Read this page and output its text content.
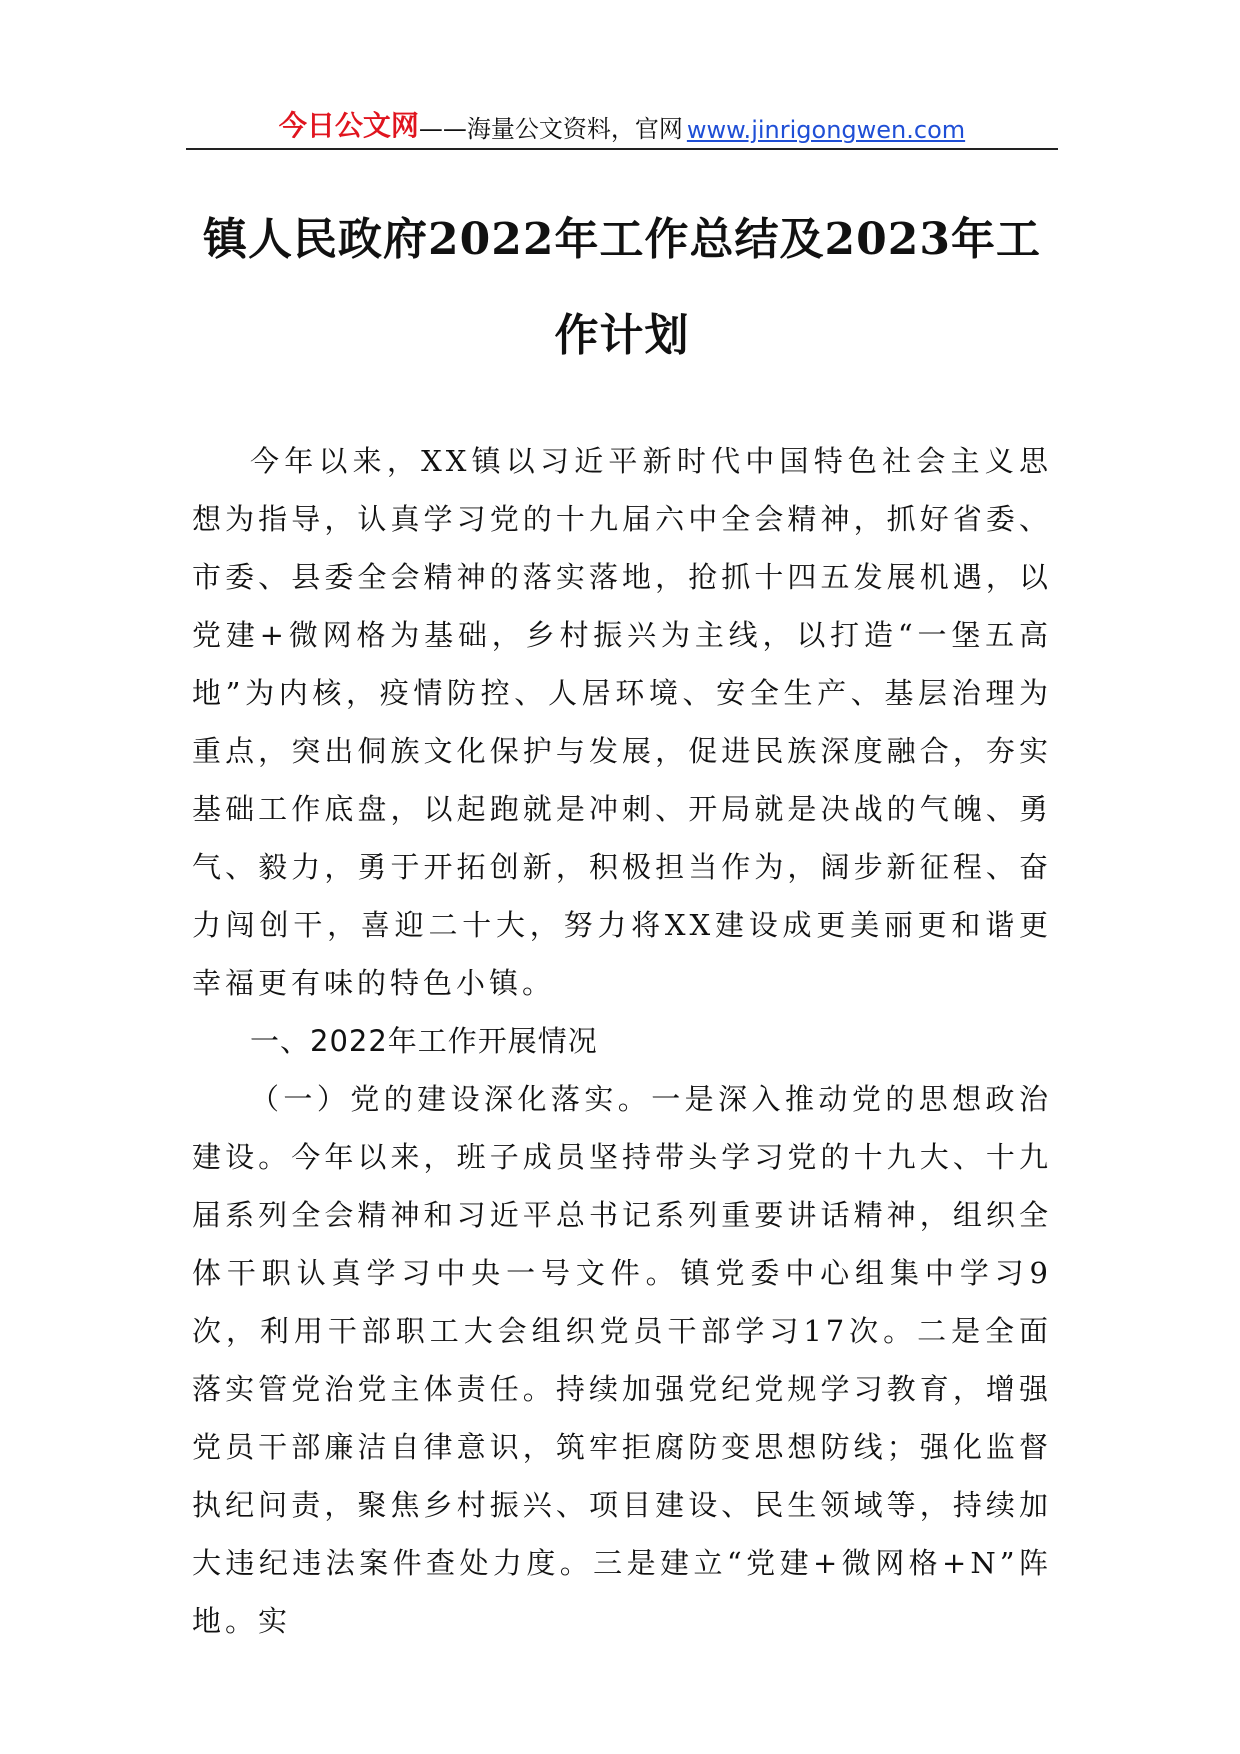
今日公文网 ——海量公文资料，官网 www.jinrigongwen.com
镇人民政府2022年工作总结及2023年工作计划

今年以来，XX镇以习近平新时代中国特色社会主义思想为指导，认真学习党的十九届六中全会精神，抓好省委、市委、县委全会精神的落实落地，抢抓十四五发展机遇，以党建+微网格为基础，乡村振兴为主线，以打造“一堡五高地”为内核，疫情防控、人居环境、安全生产、基层治理为重点，突出侗族文化保护与发展，促进民族深度融合，夯实基础工作底盘，以起跑就是冲刺、开局就是决战的气魄、勇气、毅力，勇于开拓创新，积极担当作为，阔步新征程、奋力闯创干，喜迎二十大，努力将XX建设成更美丽更和谐更幸福更有味的特色小镇。

一、2022年工作开展情况

（一）党的建设深化落实。一是深入推动党的思想政治建设。今年以来，班子成员坚持带头学习党的十九大、十九届系列全会精神和习近平总书记系列重要讲话精神，组织全体干职认真学习中央一号文件。镇党委中心组集中学习9次，利用干部职工大会组织党员干部学习17次。二是全面落实管党治党主体责任。持续加强党纪党规学习教育，增强党员干部廉洁自律意识，筑牢拒腐防变思想防线；强化监督执纪问责，聚焦乡村振兴、项目建设、民生领域等，持续加大违纪违法案件查处力度。三是建立“党建+微网格+N”阵地。实
